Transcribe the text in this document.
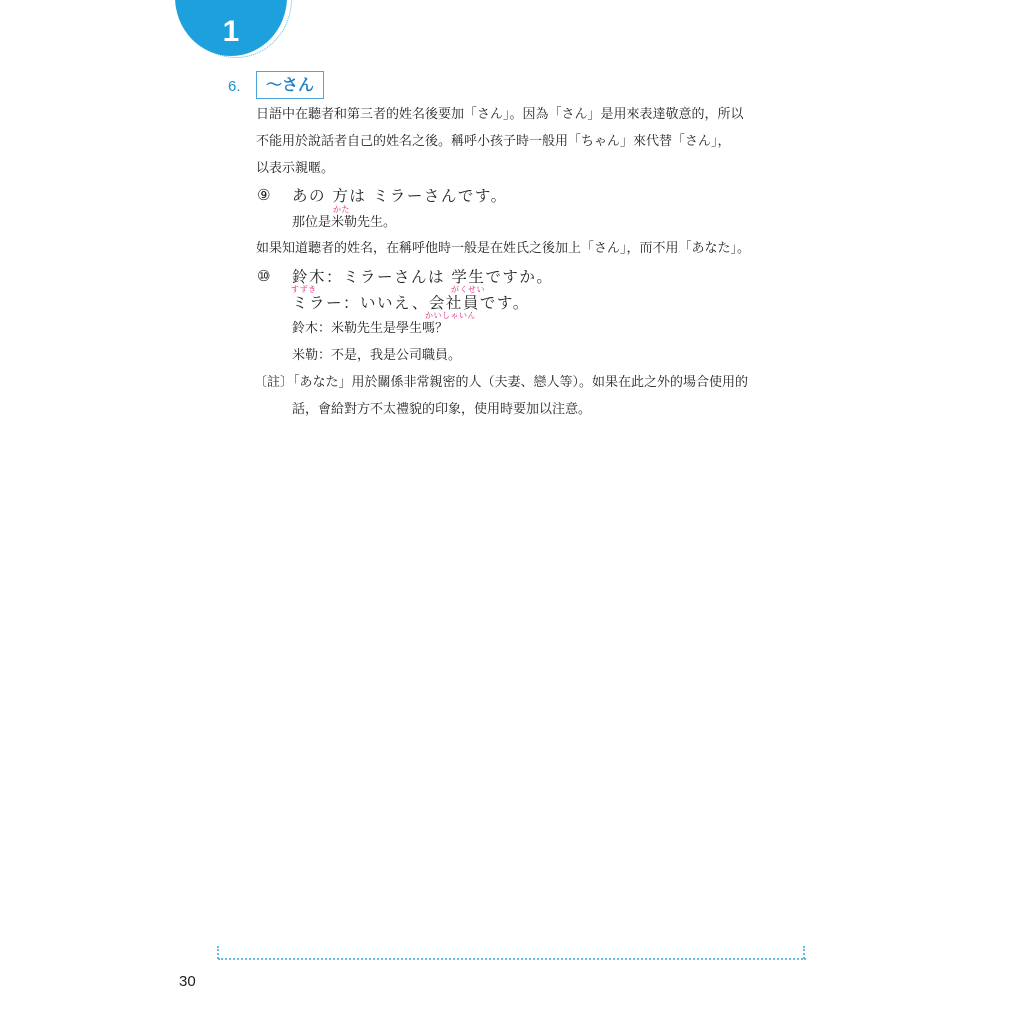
1
6.	～さん
日語中在聽者和第三者的姓名後要加「さん」。因為「さん」是用來表達敬意的，所以
不能用於說話者自己的姓名之後。稱呼小孩子時一般用「ちゃん」來代替「さん」，
以表示親暱。
⑨ あの 方は ミラーさんです。
かた
那位是米勒先生。
如果知道聽者的姓名，在稱呼他時一般是在姓氏之後加上「さん」，而不用「あなた」。
⑩ 鈴木：ミラーさんは 学生ですか。
すずき	がくせい
ミラー：いいえ、会社員です。
かいしゃいん
鈴木：米勒先生是學生嗎？
米勒：不是，我是公司職員。
〔註〕「あなた」用於關係非常親密的人（夫妻、戀人等）。如果在此之外的場合使用的
話，會給對方不太禮貌的印象，使用時要加以注意。
30
